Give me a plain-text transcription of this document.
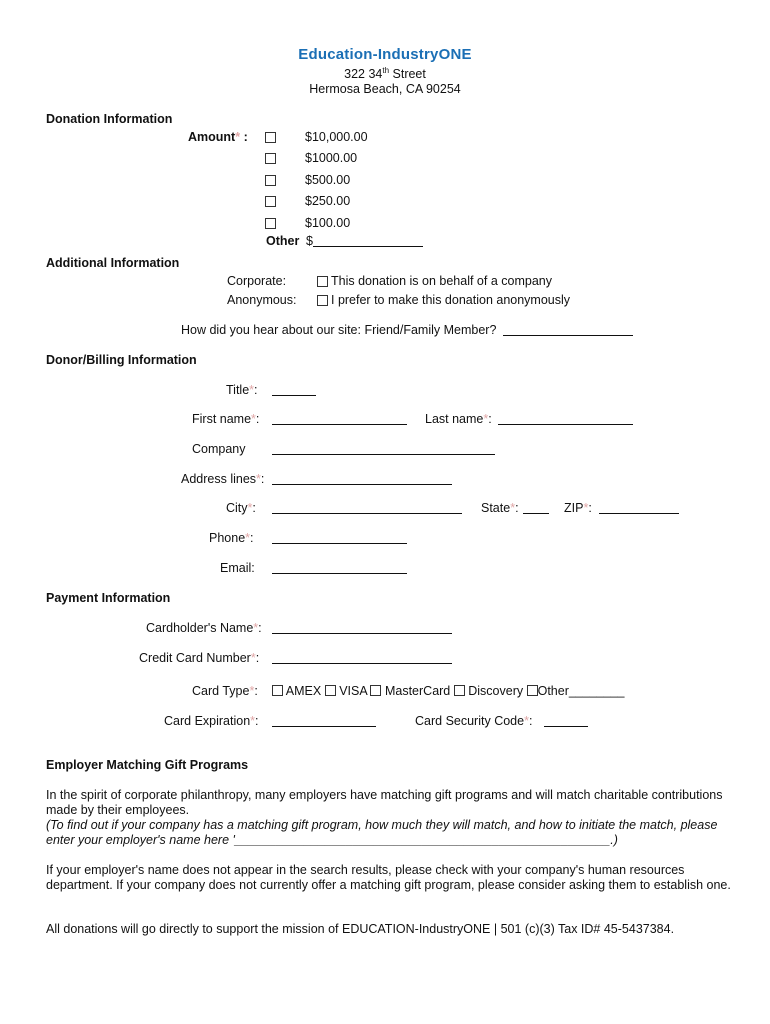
Education-IndustryONE
322 34th Street
Hermosa Beach, CA 90254
Donation Information
Amount* :	$10,000.00
$1000.00
$500.00
$250.00
$100.00
Other $
Additional Information
Corporate:	This donation is on behalf of a company
Anonymous:	I prefer to make this donation anonymously
How did you hear about our site: Friend/Family Member?
Donor/Billing Information
Title*:
First name*:	Last name*:
Company
Address lines*:
City*:	State*:	ZIP*:
Phone*:
Email:
Payment Information
Cardholder's Name*:
Credit Card Number*:
Card Type*:	AMEX VISA MasterCard Discovery Other________
Card Expiration*:	Card Security Code*:
Employer Matching Gift Programs
In the spirit of corporate philanthropy, many employers have matching gift programs and will match charitable contributions made by their employees.
(To find out if your company has a matching gift program, how much they will match, and how to initiate the match, please enter your employer's name here '______________________________________________________.)
If your employer's name does not appear in the search results, please check with your company's human resources department. If your company does not currently offer a matching gift program, please consider asking them to establish one.
All donations will go directly to support the mission of EDUCATION-IndustryONE | 501 (c)(3) Tax ID# 45-5437384.
